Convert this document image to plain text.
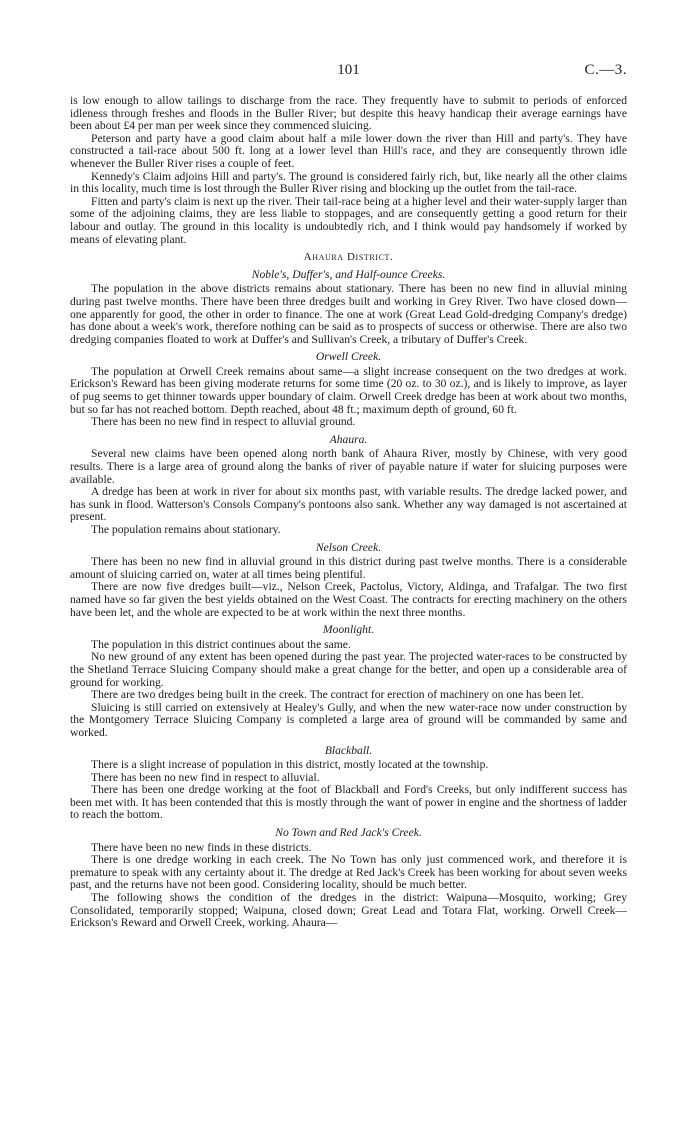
101	C.—3.

is low enough to allow tailings to discharge from the race. They frequently have to submit to periods of enforced idleness through freshes and floods in the Buller River; but despite this heavy handicap their average earnings have been about £4 per man per week since they commenced sluicing.

Peterson and party have a good claim about half a mile lower down the river than Hill and party's. They have constructed a tail-race about 500 ft. long at a lower level than Hill's race, and they are consequently thrown idle whenever the Buller River rises a couple of feet.

Kennedy's Claim adjoins Hill and party's. The ground is considered fairly rich, but, like nearly all the other claims in this locality, much time is lost through the Buller River rising and blocking up the outlet from the tail-race.

Fitten and party's claim is next up the river. Their tail-race being at a higher level and their water-supply larger than some of the adjoining claims, they are less liable to stoppages, and are consequently getting a good return for their labour and outlay. The ground in this locality is undoubtedly rich, and I think would pay handsomely if worked by means of elevating plant.

Ahaura District.
Noble's, Duffer's, and Half-ounce Creeks.

The population in the above districts remains about stationary. There has been no new find in alluvial mining during past twelve months. There have been three dredges built and working in Grey River. Two have closed down—one apparently for good, the other in order to finance. The one at work (Great Lead Gold-dredging Company's dredge) has done about a week's work, therefore nothing can be said as to prospects of success or otherwise. There are also two dredging companies floated to work at Duffer's and Sullivan's Creek, a tributary of Duffer's Creek.

Orwell Creek.

The population at Orwell Creek remains about same—a slight increase consequent on the two dredges at work. Erickson's Reward has been giving moderate returns for some time (20 oz. to 30 oz.), and is likely to improve, as layer of pug seems to get thinner towards upper boundary of claim. Orwell Creek dredge has been at work about two months, but so far has not reached bottom. Depth reached, about 48 ft.; maximum depth of ground, 60 ft.

There has been no new find in respect to alluvial ground.

Ahaura.

Several new claims have been opened along north bank of Ahaura River, mostly by Chinese, with very good results. There is a large area of ground along the banks of river of payable nature if water for sluicing purposes were available.

A dredge has been at work in river for about six months past, with variable results. The dredge lacked power, and has sunk in flood. Watterson's Consols Company's pontoons also sank. Whether any way damaged is not ascertained at present.

The population remains about stationary.

Nelson Creek.

There has been no new find in alluvial ground in this district during past twelve months. There is a considerable amount of sluicing carried on, water at all times being plentiful.

There are now five dredges built—viz., Nelson Creek, Pactolus, Victory, Aldinga, and Trafalgar. The two first named have so far given the best yields obtained on the West Coast. The contracts for erecting machinery on the others have been let, and the whole are expected to be at work within the next three months.

Moonlight.

The population in this district continues about the same.

No new ground of any extent has been opened during the past year. The projected water-races to be constructed by the Shetland Terrace Sluicing Company should make a great change for the better, and open up a considerable area of ground for working.

There are two dredges being built in the creek. The contract for erection of machinery on one has been let.

Sluicing is still carried on extensively at Healey's Gully, and when the new water-race now under construction by the Montgomery Terrace Sluicing Company is completed a large area of ground will be commanded by same and worked.

Blackball.

There is a slight increase of population in this district, mostly located at the township.

There has been no new find in respect to alluvial.

There has been one dredge working at the foot of Blackball and Ford's Creeks, but only indifferent success has been met with. It has been contended that this is mostly through the want of power in engine and the shortness of ladder to reach the bottom.

No Town and Red Jack's Creek.

There have been no new finds in these districts.

There is one dredge working in each creek. The No Town has only just commenced work, and therefore it is premature to speak with any certainty about it. The dredge at Red Jack's Creek has been working for about seven weeks past, and the returns have not been good. Considering locality, should be much better.

The following shows the condition of the dredges in the district: Waipuna—Mosquito, working; Grey Consolidated, temporarily stopped; Waipuna, closed down; Great Lead and Totara Flat, working. Orwell Creek—Erickson's Reward and Orwell Creek, working. Ahaura—
